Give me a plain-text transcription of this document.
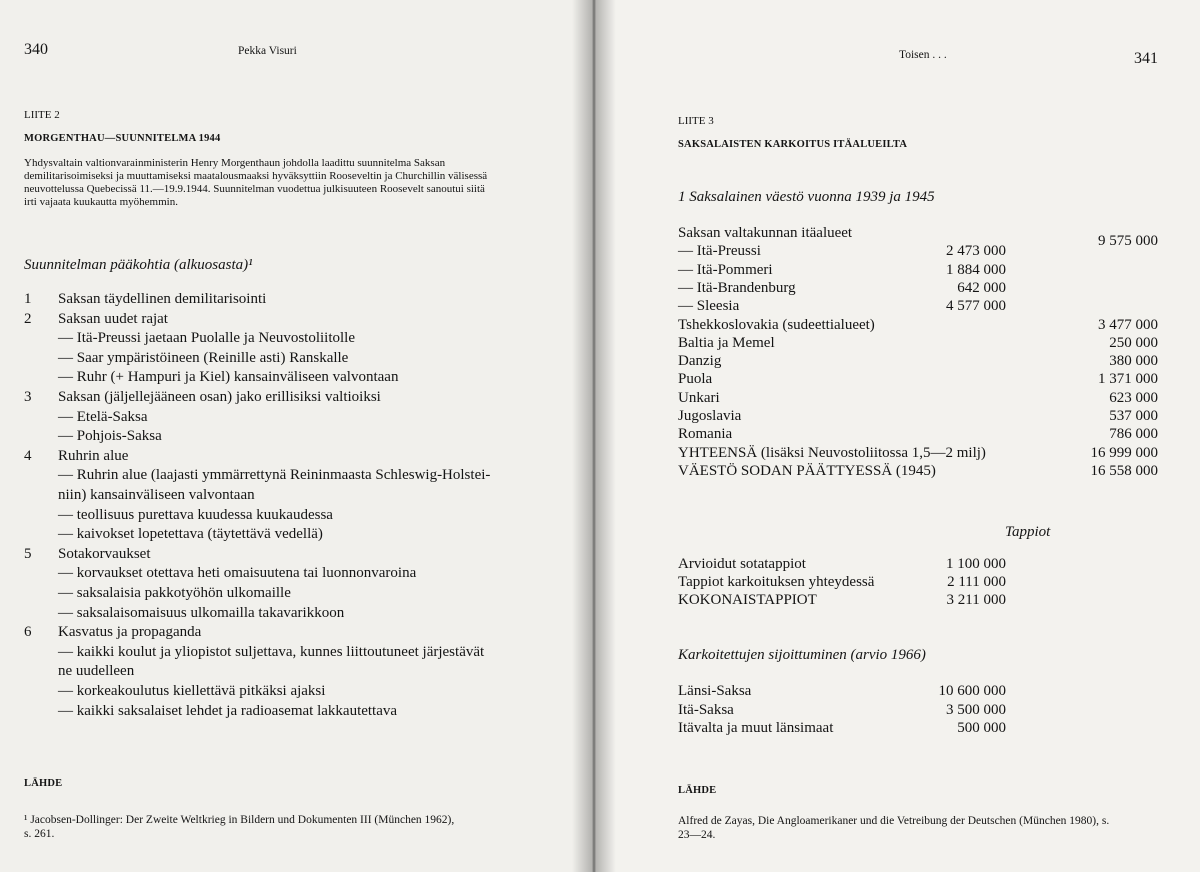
340	Pekka Visuri
LIITE 2
MORGENTHAU—SUUNNITELMA 1944
Yhdysvaltain valtionvarainministerin Henry Morgenthaun johdolla laadittu suunnitelma Saksan demilitarisoimiseksi ja muuttamiseksi maatalousmaaksi hyväksyttiin Rooseveltin ja Churchillin välisessä neuvottelussa Quebecissä 11.—19.9.1944. Suunnitelman vuodettua julkisuuteen Roosevelt sanoutui siitä irti vajaata kuukautta myöhemmin.
Suunnitelman pääkohtia (alkuosasta)¹
1 Saksan täydellinen demilitarisointi
2 Saksan uudet rajat
— Itä-Preussi jaetaan Puolalle ja Neuvostoliitolle
— Saar ympäristöineen (Reinille asti) Ranskalle
— Ruhr (+ Hampuri ja Kiel) kansainväliseen valvontaan
3 Saksan (jäljellejääneen osan) jako erillisiksi valtioiksi
— Etelä-Saksa
— Pohjois-Saksa
4 Ruhrin alue
— Ruhrin alue (laajasti ymmärrettynä Reininmaasta Schleswig-Holstei-
niin) kansainväliseen valvontaan
— teollisuus purettava kuudessa kuukaudessa
— kaivokset lopetettava (täytettävä vedellä)
5 Sotakorvaukset
— korvaukset otettava heti omaisuutena tai luonnonvaroina
— saksalaisia pakkotyöhön ulkomaille
— saksalaisomaisuus ulkomailla takavarikkoon
6 Kasvatus ja propaganda
— kaikki koulut ja yliopistot suljettava, kunnes liittoutuneet järjestävät
ne uudelleen
— korkeakoulutus kiellettävä pitkäksi ajaksi
— kaikki saksalaiset lehdet ja radioasemat lakkautettava
LÄHDE
¹ Jacobsen-Dollinger: Der Zweite Weltkrieg in Bildern und Dokumenten III (München 1962),
s. 261.
Toisen . . .	341
LIITE 3
SAKSALAISTEN KARKOITUS ITÄALUEILTA
1 Saksalainen väestö vuonna 1939 ja 1945
Tappiot
Karkoitettujen sijoittuminen (arvio 1966)
LÄHDE
Alfred de Zayas, Die Angloamerikaner und die Vetreibung der Deutschen (München 1980), s.
23—24.
Saksan valtakunnan itäalueet	9 575 000
— Itä-Preussi	2 473 000
— Itä-Pommeri	1 884 000
— Itä-Brandenburg	642 000
— Sleesia	4 577 000
Tshekkoslovakia (sudeettialueet)	3 477 000
Baltia ja Memel	250 000
Danzig	380 000
Puola	1 371 000
Unkari	623 000
Jugoslavia	537 000
Romania	786 000
YHTEENSÄ (lisäksi Neuvostoliitossa 1,5—2 milj)	16 999 000
VÄESTÖ SODAN PÄÄTTYESSÄ (1945)	16 558 000
Arvioidut sotatappiot	1 100 000
Tappiot karkoituksen yhteydessä	2 111 000
KOKONAISTAPPIOT	3 211 000
Länsi-Saksa	10 600 000
Itä-Saksa	3 500 000
Itävalta ja muut länsimaat	500 000
